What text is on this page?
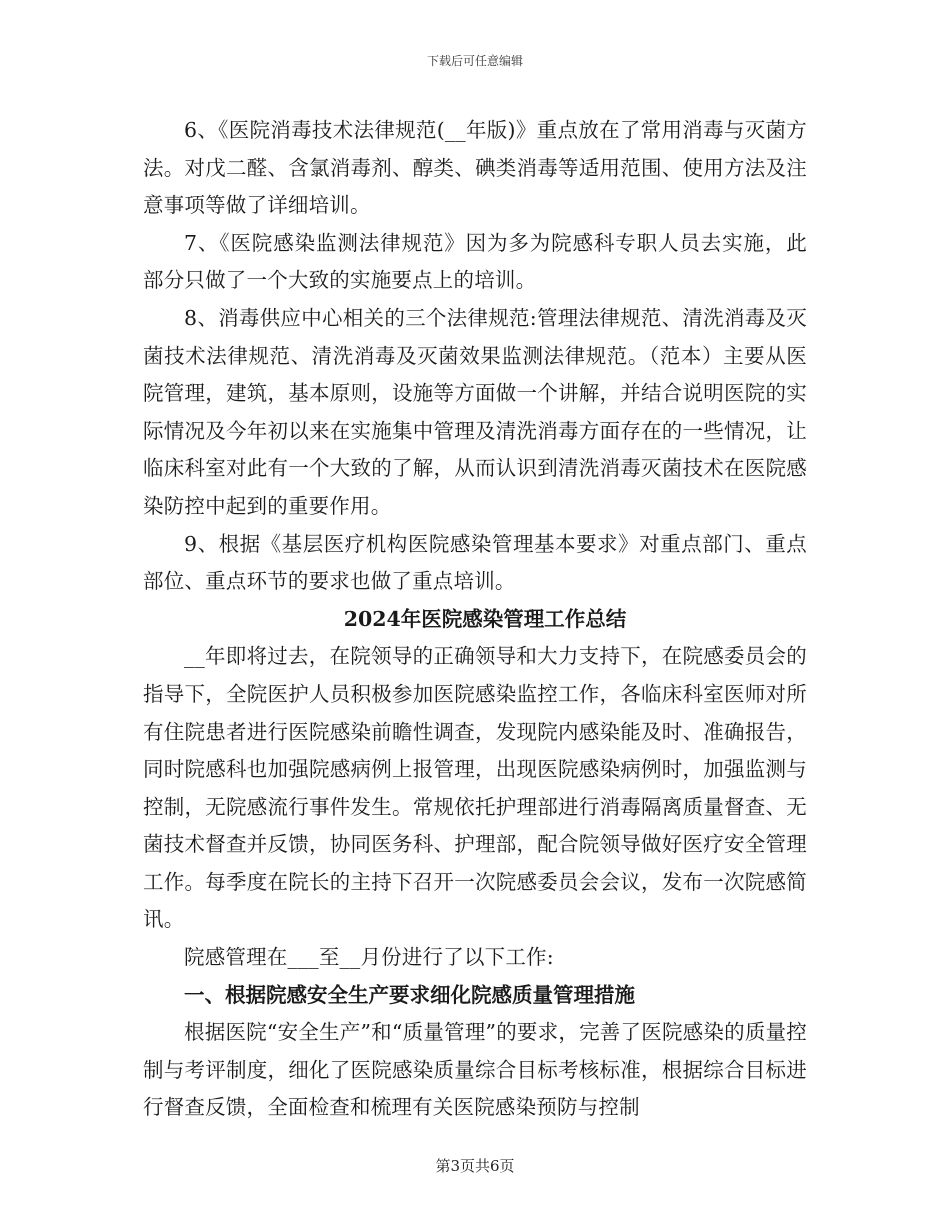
下载后可任意编辑

6、《医院消毒技术法律规范(__年版)》重点放在了常用消毒与灭菌方法。对戊二醛、含氯消毒剂、醇类、碘类消毒等适用范围、使用方法及注意事项等做了详细培训。

7、《医院感染监测法律规范》因为多为院感科专职人员去实施，此部分只做了一个大致的实施要点上的培训。

8、消毒供应中心相关的三个法律规范:管理法律规范、清洗消毒及灭菌技术法律规范、清洗消毒及灭菌效果监测法律规范。（范本）主要从医院管理，建筑，基本原则，设施等方面做一个讲解，并结合说明医院的实际情况及今年初以来在实施集中管理及清洗消毒方面存在的一些情况，让临床科室对此有一个大致的了解，从而认识到清洗消毒灭菌技术在医院感染防控中起到的重要作用。

9、根据《基层医疗机构医院感染管理基本要求》对重点部门、重点部位、重点环节的要求也做了重点培训。

2024年医院感染管理工作总结

__年即将过去，在院领导的正确领导和大力支持下，在院感委员会的指导下，全院医护人员积极参加医院感染监控工作，各临床科室医师对所有住院患者进行医院感染前瞻性调查，发现院内感染能及时、准确报告，同时院感科也加强院感病例上报管理，出现医院感染病例时，加强监测与控制，无院感流行事件发生。常规依托护理部进行消毒隔离质量督查、无菌技术督查并反馈，协同医务科、护理部，配合院领导做好医疗安全管理工作。每季度在院长的主持下召开一次院感委员会会议，发布一次院感简讯。

院感管理在___至__月份进行了以下工作:

一、根据院感安全生产要求细化院感质量管理措施

根据医院“安全生产”和“质量管理”的要求，完善了医院感染的质量控制与考评制度，细化了医院感染质量综合目标考核标准，根据综合目标进行督查反馈，全面检查和梳理有关医院感染预防与控制

第3页共6页
